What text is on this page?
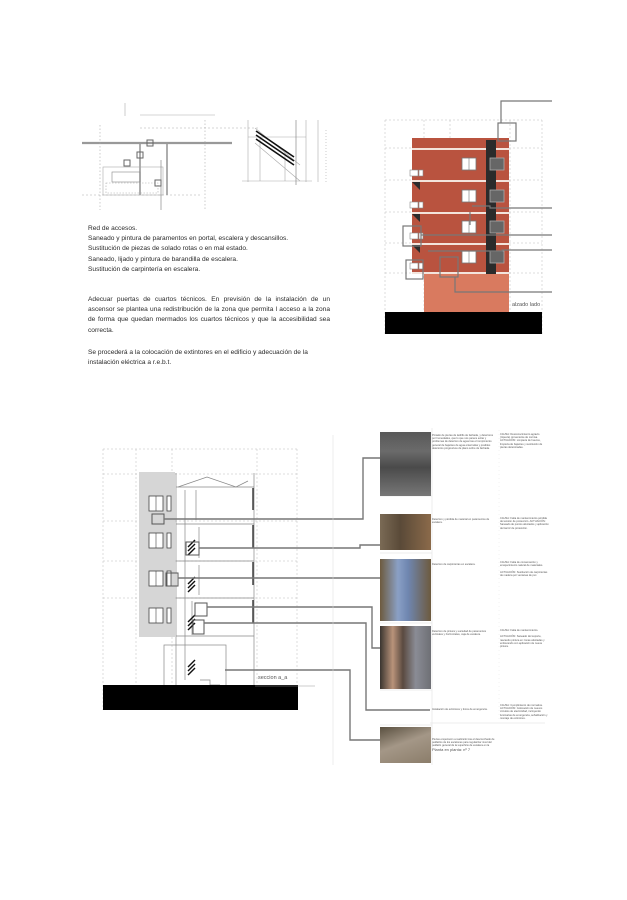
Red de accesos.

Saneado y pintura de paramentos en portal, escalera y descansillos.

Sustitución de piezas de solado rotas o en mal estado.

Saneado, lijado y pintura de barandilla de escalera.

Sustitución de carpintería en escalera.

Adecuar puertas de cuartos técnicos. En previsión de la instalación de un ascensor se plantea una redistribución de la zona que permita l acceso a la zona de forma que quedan mermados los cuartos técnicos y que la accesibilidad sea correcta.
Se procederá a la colocación de extintores en el edificio y adecuación de la instalación eléctrica a r.e.b.t.
alzado lado
seccion a_a
Pintado de piezas de ladrillo de fachada, y deterioros por humedades, que lo que nos parece evitar y problemas de deterioro de agua tras el rompimiento general de bajantes de agua enterradas y posibles deterioros progresivos de plano sobre de fachada.
CAUSA: Desconocimiento agravio (riqueza) proveniente de cornisa. ACTUACIÓN: Limpieza de huecos, limpieza de bajantes y sustitución de piezas deterioradas.
Deterioro y pérdida de material en paramentos de escalera.
CAUSA: Falta de mantenimiento pérdida de tensión de protección. ACTUACIÓN: Saneado de puntos afectados y aplicación de barniz de protección.
Deterioro de carpinterías en escalera.
CAUSA: Falta de conservación y envejecimiento natural de materiales.

ACTUACIÓN: Sustitución de carpinterías de madera por ventanas de pvc.
Deterioro de pintura y suciedad de paramentos verticales y horizontales, caja de escalera.
CAUSA: Falta de mantenimiento.

ACTUACIÓN: Saneado del soporte, rascando pintura en zonas afectadas y enfoscando con aplicación de nueva pintura.
Instalación de extintores y focos de emergencia.
CAUSA: Cumplimiento de normativa. ACTUACIÓN: Colocación de nuevos circuitos de electricidad, incluyendo luminarias de emergencia, señalización y montaje de extintores.
Piezas empezaron a realizarlo tras el desconchado de peldaños de los escalones para regularizar nivel del peldaño general de la superficie de escalera en la
Planta en planta: nº 7
